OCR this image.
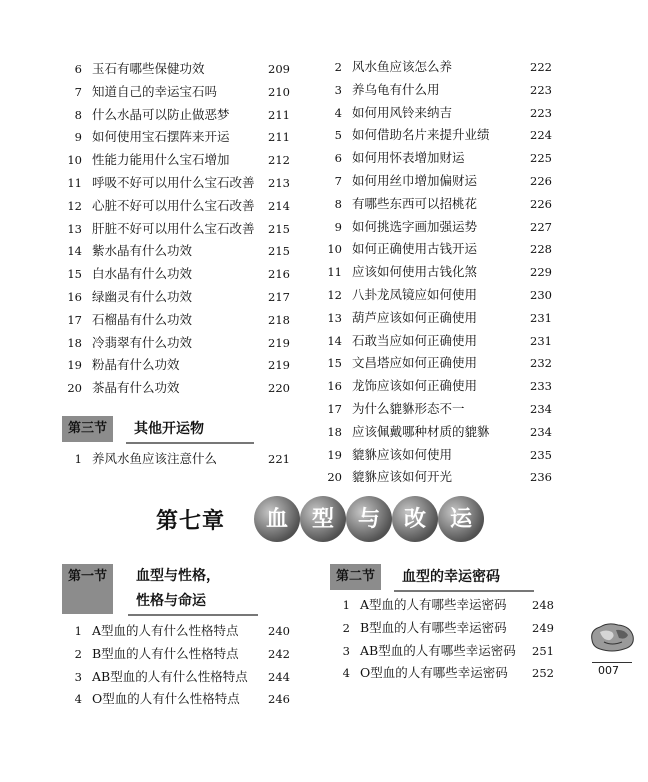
6 玉石有哪些保健功效	209
7 知道自己的幸运宝石吗	210
8 什么水晶可以防止做恶梦	211
9 如何使用宝石摆阵来开运	211
10 性能力能用什么宝石增加	212
11 呼吸不好可以用什么宝石改善 213
12 心脏不好可以用什么宝石改善 214
13 肝脏不好可以用什么宝石改善 215
14 紫水晶有什么功效	215
15 白水晶有什么功效	216
16 绿幽灵有什么功效	217
17 石榴晶有什么功效	218
18 冷翡翠有什么功效	219
19 粉晶有什么功效	219
20 茶晶有什么功效	220
第三节	其他开运物
1 养风水鱼应该注意什么	221
2 风水鱼应该怎么养	222
3 养乌龟有什么用	223
4 如何用风铃来纳吉	223
5 如何借助名片来提升业绩	224
6 如何用怀表增加财运	225
7 如何用丝巾增加偏财运	226
8 有哪些东西可以招桃花	226
9 如何挑选字画加强运势	227
10 如何正确使用古钱开运	228
11 应该如何使用古钱化煞	229
12 八卦龙凤镜应如何使用	230
13 葫芦应该如何正确使用	231
14 石敢当应如何正确使用	231
15 文昌塔应如何正确使用	232
16 龙饰应该如何正确使用	233
17 为什么貔貅形态不一	234
18 应该佩戴哪种材质的貔貅	234
19 貔貅应该如何使用	235
20 貔貅应该如何开光	236
第七章	血	型	与	改	运
第一节	血型与性格，
性格与命运
1 A型血的人有什么性格特点	240
2 B型血的人有什么性格特点	242
3 AB型血的人有什么性格特点 244
4 O型血的人有什么性格特点 246
第二节	血型的幸运密码
1 A型血的人有哪些幸运密码 248
2 B型血的人有哪些幸运密码 249
3 AB型血的人有哪些幸运密码 251
4 O型血的人有哪些幸运密码 252	007
